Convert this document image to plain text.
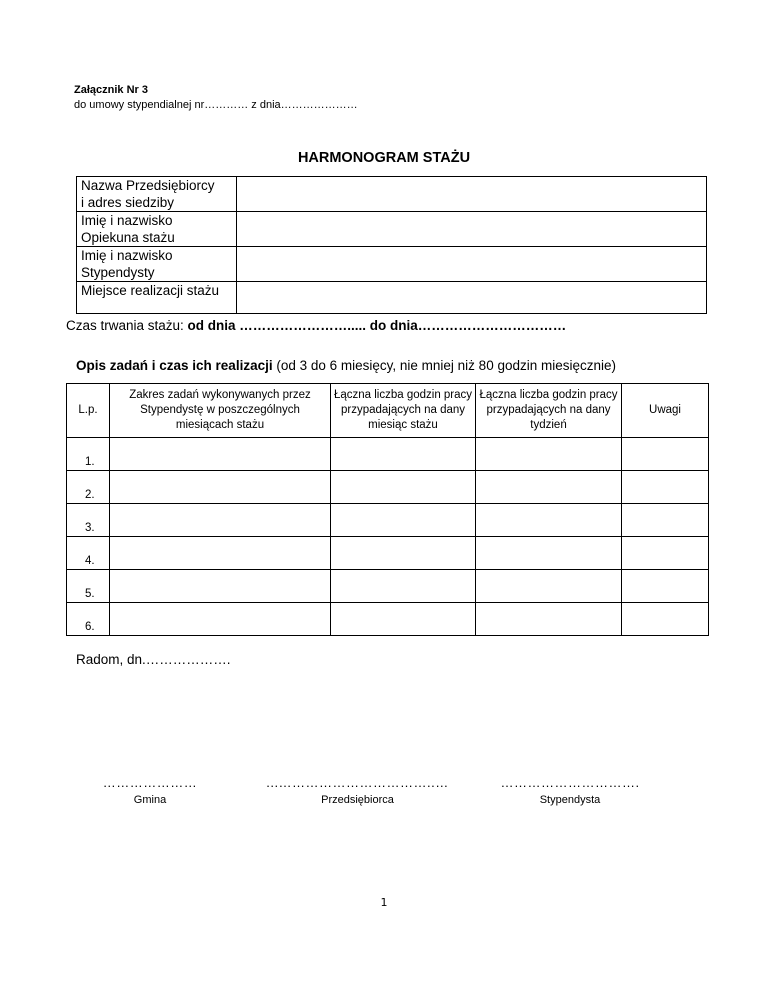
Załącznik Nr 3
do umowy stypendialnej nr………… z dnia…………………
HARMONOGRAM STAŻU
Nazwa Przedsiębiorcy
i adres siedziby	

Imię i nazwisko
Opiekuna stażu	

Imię i nazwisko
Stypendysty	

Miejsce realizacji stażu	

Czas trwania stażu: od dnia ……………………..... do dnia……………………………
Opis zadań i czas ich realizacji (od 3 do 6 miesięcy, nie mniej niż 80 godzin miesięcznie)
L.p.	Zakres zadań wykonywanych przez Stypendystę w poszczególnych miesiącach stażu	Łączna liczba godzin pracy przypadających na dany miesiąc stażu	Łączna liczba godzin pracy przypadających na dany tydzień	Uwagi
1.				
2.				
3.				
4.				
5.				
6.				
Radom, dn.……………….
…………………
Gmina
...……………………………..…
Przedsiębiorca
………………………….
Stypendysta
1
